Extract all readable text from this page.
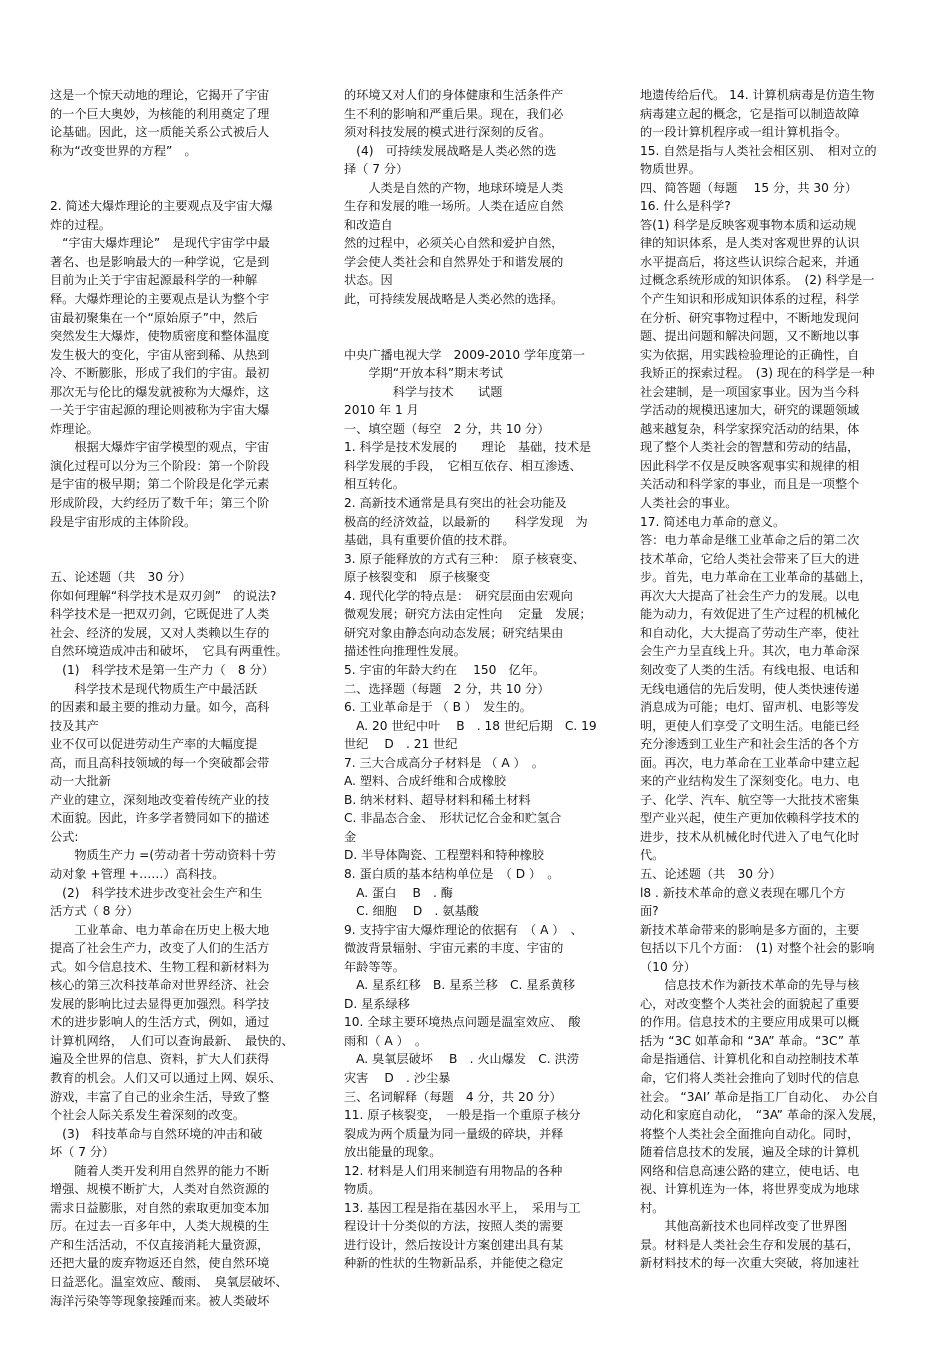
这是一个惊天动地的理论，它揭开了宇宙

的一个巨大奥妙，为核能的利用奠定了理

论基础。因此，这一质能关系公式被后人

称为“改变世界的方程”　。

2. 简述大爆炸理论的主要观点及宇宙大爆

炸的过程。

　“宇宙大爆炸理论”　是现代宇宙学中最

著名、也是影响最大的一种学说，它是到

目前为止关于宇宙起源最科学的一种解

释。大爆炸理论的主要观点是认为整个宇

宙最初聚集在一个“原始原子”中，然后

突然发生大爆炸，使物质密度和整体温度

发生极大的变化，宇宙从密到稀、从热到

冷、不断膨胀，形成了我们的宇宙。最初

那次无与伦比的爆发就被称为大爆炸，这

一关于宇宙起源的理论则被称为宇宙大爆

炸理论。

　　根据大爆炸宇宙学模型的观点，宇宙

演化过程可以分为三个阶段：第一个阶段

是宇宙的极早期；第二个阶段是化学元素

形成阶段，大约经历了数千年；第三个阶

段是宇宙形成的主体阶段。

五、论述题（共　30 分）

你如何理解“科学技术是双刃剑”　的说法?

科学技术是一把双刃剑，它既促进了人类

社会、经济的发展，又对人类赖以生存的

自然环境造成冲击和破坏，　它具有两重性。

　(1)　科学技术是第一生产力（　8 分）

　　科学技术是现代物质生产中最活跃

的因素和最主要的推动力量。如今，高科

技及其产

业不仅可以促进劳动生产率的大幅度提

高，而且高科技领域的每一个突破都会带

动一大批新

产业的建立，深刻地改变着传统产业的技

术面貌。因此，许多学者赞同如下的描述

公式:

　　物质生产力 =(劳动者十劳动资料十劳

动对象 +管理 +……）高科技。

　(2)　科学技术进步改变社会生产和生

活方式（ 8 分）

　　工业革命、电力革命在历史上极大地

提高了社会生产力，改变了人们的生活方

式。如今信息技术、生物工程和新材料为

核心的第三次科技革命对世界经济、社会

发展的影响比过去显得更加强烈。科学技

术的进步影响人的生活方式，例如，通过

计算机网络，　人们可以查询最新、　最快的、

遍及全世界的信息、资料，扩大人们获得

教育的机会。人们又可以通过上网、娱乐、

游戏，丰富了自己的业余生活，导致了整

个社会人际关系发生着深刻的改变。

　(3)　科技革命与自然环境的冲击和破

坏（ 7 分）

　　随着人类开发利用自然界的能力不断

增强、规模不断扩大，人类对自然资源的

需求日益膨胀，对自然的索取更加变本加

厉。在过去一百多年中，人类大规模的生

产和生活活动，不仅直接消耗大量资源，

还把大量的废弃物返还自然，使自然环境

日益恶化。温室效应、酸雨、　臭氧层破坏、

海洋污染等等现象接踵而来。被人类破坏

的环境又对人们的身体健康和生活条件产

生不利的影响和严重后果。现在，我们必

须对科技发展的模式进行深刻的反省。

　(4)　可持续发展战略是人类必然的选

择（ 7 分）

　　人类是自然的产物，地球环境是人类

生存和发展的唯一场所。人类在适应自然

和改造自

然的过程中，必须关心自然和爱护自然，

学会使人类社会和自然界处于和谐发展的

状态。因

此，可持续发展战略是人类必然的选择。

中央广播电视大学　2009-2010 学年度第一

　　学期“开放本科”期末考试

　　　　科学与技术　　试题

2010 年 1 月

一、填空题（每空　2 分，共 10 分）

1. 科学是技术发展的　　理论　基础，技术是

科学发展的手段，　它相互依存、相互渗透、

相互转化。

2. 高新技术通常是具有突出的社会功能及

极高的经济效益，以最新的　　科学发现　为

基础，具有重要价值的技术群。

3. 原子能释放的方式有三种：　原子核衰变、

原子核裂变和　原子核聚变　　

4. 现代化学的特点是：　研究层面由宏观向

微观发展；研究方法由定性向　 定量　发展；

研究对象由静态向动态发展；研究结果由

描述性向推理性发展。

5. 宇宙的年龄大约在　 150　亿年。

二、选择题（每题　2 分，共 10 分）

6. 工业革命是于 （ B ）　发生的。

　A. 20 世纪中叶　 B　. 18 世纪后期　C. 19

世纪　 D　. 21 世纪

7. 三大合成高分子材料是 （ A ）　。

A. 塑料、合成纤维和合成橡胶

B. 纳米材料、超导材料和稀土材料

C. 非晶态合金、　形状记忆合金和贮氢合

金

D. 半导体陶瓷、工程塑料和特种橡胶

8. 蛋白质的基本结构单位是　（ D ）　。

　A. 蛋白　 B　. 酶

　C. 细胞　 D　. 氨基酸

9. 支持宇宙大爆炸理论的依据有　（ A ）　、

微波背景辐射、宇宙元素的丰度、宇宙的

年龄等等。

　A. 星系红移　B. 星系兰移　C. 星系黄移

D. 星系绿移

10. 全球主要环境热点问题是温室效应、　酸

雨和（ A ）　。

　A. 臭氧层破坏　 B　. 火山爆发　C. 洪涝

灾害　 D　. 沙尘暴

三、名词解释（每题　4 分，共 20 分）

11. 原子核裂变，　一般是指一个重原子核分

裂成为两个质量为同一量级的碎块，并释

放出能量的现象。

12. 材料是人们用来制造有用物品的各种

物质。

13. 基因工程是指在基因水平上，　采用与工

程设计十分类似的方法，按照人类的需要

进行设计，然后按设计方案创建出具有某

种新的性状的生物新品系，并能使之稳定

地遗传给后代。 14. 计算机病毒是仿造生物

病毒建立起的概念，它是指可以制造故障

的一段计算机程序或一组计算机指令。

15. 自然是指与人类社会相区别、　相对立的

物质世界。

四、简答题（每题　 15 分，共 30 分）

16. 什么是科学?

答(1) 科学是反映客观事物本质和运动规

律的知识体系，是人类对客观世界的认识

水平提高后，将这些认识综合起来，并通

过概念系统形成的知识体系。　(2) 科学是一

个产生知识和形成知识体系的过程，科学

在分析、研究事物过程中，不断地发现问

题、提出问题和解决问题，又不断地以事

实为依据，用实践检验理论的正确性，自

我矫正的探索过程。　(3) 现在的科学是一种

社会建制，是一项国家事业。因为当今科

学活动的规模迅速加大，研究的课题领域

越来越复杂，科学家探究活动的结果，体

现了整个人类社会的智慧和劳动的结晶，

因此科学不仅是反映客观事实和规律的相

关活动和科学家的事业，而且是一项整个

人类社会的事业。

17. 简述电力革命的意义。

答：电力革命是继工业革命之后的第二次

技术革命，它给人类社会带来了巨大的进

步。首先，电力革命在工业革命的基础上，

再次大大提高了社会生产力的发展。以电

能为动力，有效促进了生产过程的机械化

和自动化，大大提高了劳动生产率，使社

会生产力呈直线上升。其次，电力革命深

刻改变了人类的生活。有线电报、电话和

无线电通信的先后发明，使人类快速传递

消息成为可能；电灯、留声机、电影等发

明，更使人们享受了文明生活。电能已经

充分渗透到工业生产和社会生活的各个方

面。再次，电力革命在工业革命中建立起

来的产业结构发生了深刻变化。电力、电

子、化学、汽车、航空等一大批技术密集

型产业兴起，使生产更加依赖科学技术的

进步，技术从机械化时代进入了电气化时

代。

五、论述题（共　30 分）

l8 . 新技术革命的意义表现在哪几个方

面?

新技术革命带来的影响是多方面的，主要

包括以下几个方面：　(1) 对整个社会的影响

（10 分）

　　信息技术作为新技术革命的先导与核

心，对改变整个人类社会的面貌起了重要

的作用。信息技术的主要应用成果可以概

括为 “3C 如革命和 “3A” 革命。“3C” 革

命是指通信、计算机化和自动控制技术革

命，它们将人类社会推向了划时代的信息

社会。 “3AI’ 革命是指工厂自动化、　办公自

动化和家庭自动化，　“3A” 革命的深入发展，

将整个人类社会全面推向自动化。同时，

随着信息技术的发展，遍及全球的计算机

网络和信息高速公路的建立，使电话、电

视、计算机连为一体，将世界变成为地球

村。

　　其他高新技术也同样改变了世界图

景。材料是人类社会生存和发展的基石，

新材料技术的每一次重大突破，将加速社
